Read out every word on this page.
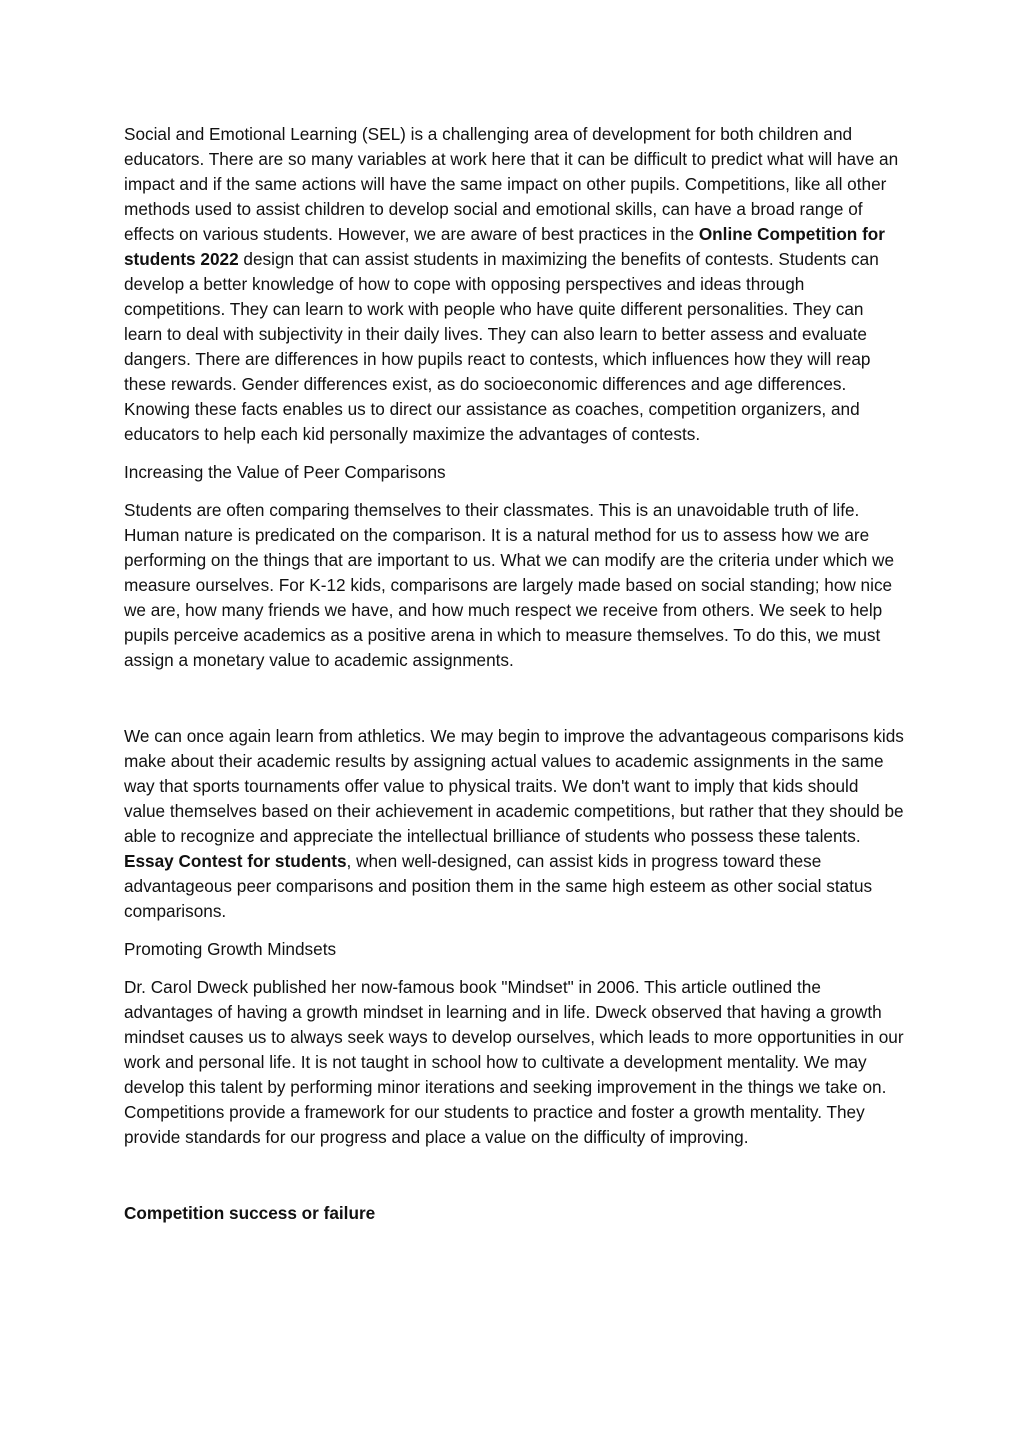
Social and Emotional Learning (SEL) is a challenging area of development for both children and educators. There are so many variables at work here that it can be difficult to predict what will have an impact and if the same actions will have the same impact on other pupils. Competitions, like all other methods used to assist children to develop social and emotional skills, can have a broad range of effects on various students. However, we are aware of best practices in the Online Competition for students 2022 design that can assist students in maximizing the benefits of contests. Students can develop a better knowledge of how to cope with opposing perspectives and ideas through competitions. They can learn to work with people who have quite different personalities. They can learn to deal with subjectivity in their daily lives. They can also learn to better assess and evaluate dangers. There are differences in how pupils react to contests, which influences how they will reap these rewards. Gender differences exist, as do socioeconomic differences and age differences. Knowing these facts enables us to direct our assistance as coaches, competition organizers, and educators to help each kid personally maximize the advantages of contests.

Increasing the Value of Peer Comparisons

Students are often comparing themselves to their classmates. This is an unavoidable truth of life. Human nature is predicated on the comparison. It is a natural method for us to assess how we are performing on the things that are important to us. What we can modify are the criteria under which we measure ourselves. For K-12 kids, comparisons are largely made based on social standing; how nice we are, how many friends we have, and how much respect we receive from others. We seek to help pupils perceive academics as a positive arena in which to measure themselves. To do this, we must assign a monetary value to academic assignments.

We can once again learn from athletics. We may begin to improve the advantageous comparisons kids make about their academic results by assigning actual values to academic assignments in the same way that sports tournaments offer value to physical traits. We don't want to imply that kids should value themselves based on their achievement in academic competitions, but rather that they should be able to recognize and appreciate the intellectual brilliance of students who possess these talents. Essay Contest for students, when well-designed, can assist kids in progress toward these advantageous peer comparisons and position them in the same high esteem as other social status comparisons.

Promoting Growth Mindsets

Dr. Carol Dweck published her now-famous book "Mindset" in 2006. This article outlined the advantages of having a growth mindset in learning and in life. Dweck observed that having a growth mindset causes us to always seek ways to develop ourselves, which leads to more opportunities in our work and personal life. It is not taught in school how to cultivate a development mentality. We may develop this talent by performing minor iterations and seeking improvement in the things we take on. Competitions provide a framework for our students to practice and foster a growth mentality. They provide standards for our progress and place a value on the difficulty of improving.

Competition success or failure
